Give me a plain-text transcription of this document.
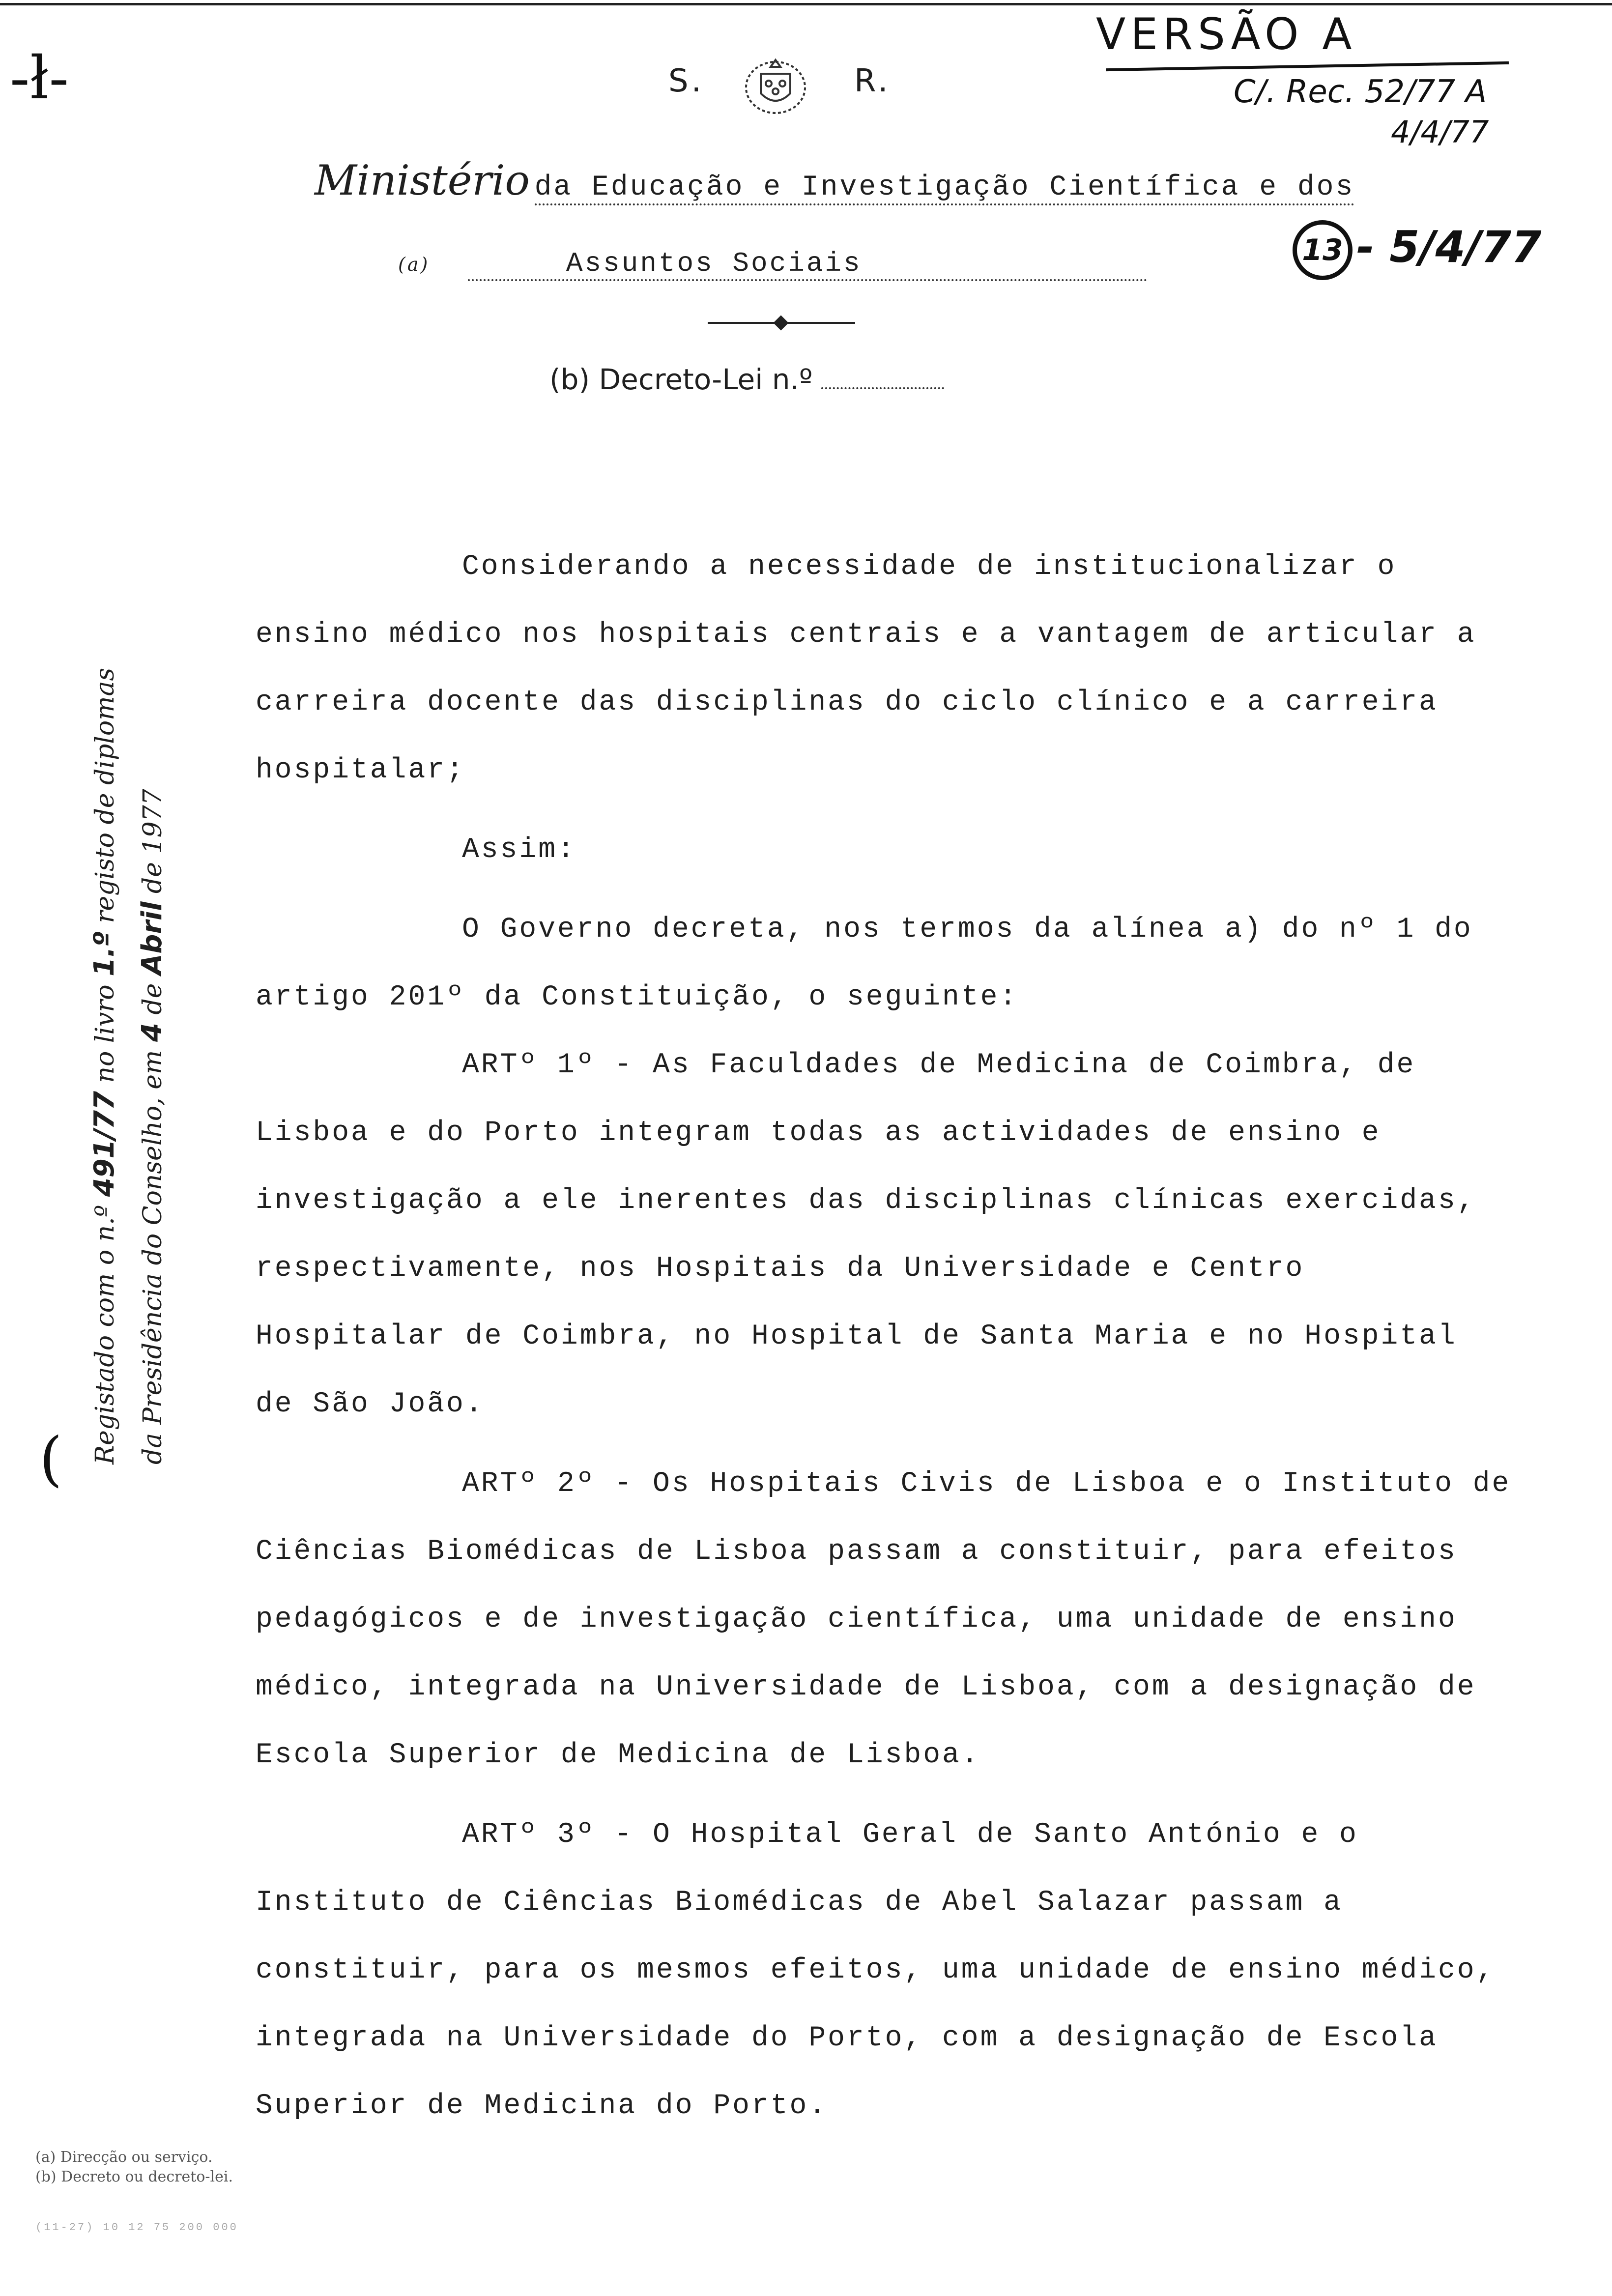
-ł-	S.	R.
Ministério da Educação e Investigação Científica e dos
(a)	Assuntos Sociais
(b) Decreto-Lei n.º
VERSÃO A
C/. Rec. 52/77 A
4/4/77
13 - 5/4/77
(	Registado com o n.º 491/77 no livro 1.º registo de diplomas
da Presidência do Conselho, em 4 de Abril de 1977

Considerando a necessidade de institucionalizar o ensino médico nos hospitais centrais e a vantagem de articular a carreira docente das disciplinas do ciclo clínico e a carreira hospitalar;

Assim:

O Governo decreta, nos termos da alínea a) do nº 1 do artigo 201º da Constituição, o seguinte:

ARTº 1º - As Faculdades de Medicina de Coimbra, de Lisboa e do Porto integram todas as actividades de ensino e investigação a ele inerentes das disciplinas clínicas exercidas, respectivamente, nos Hospitais da Universidade e Centro Hospitalar de Coimbra, no Hospital de Santa Maria e no Hospital de São João.

ARTº 2º - Os Hospitais Civis de Lisboa e o Instituto de Ciências Biomédicas de Lisboa passam a constituir, para efeitos pedagógicos e de investigação científica, uma unidade de ensino médico, integrada na Universidade de Lisboa, com a designação de Escola Superior de Medicina de Lisboa.

ARTº 3º - O Hospital Geral de Santo António e o Instituto de Ciências Biomédicas de Abel Salazar passam a constituir, para os mesmos efeitos, uma unidade de ensino médico, integrada na Universidade do Porto, com a designação de Escola Superior de Medicina do Porto.

(a) Direcção ou serviço.
(b) Decreto ou decreto-lei.
(11-27) 10 12 75 200 000
